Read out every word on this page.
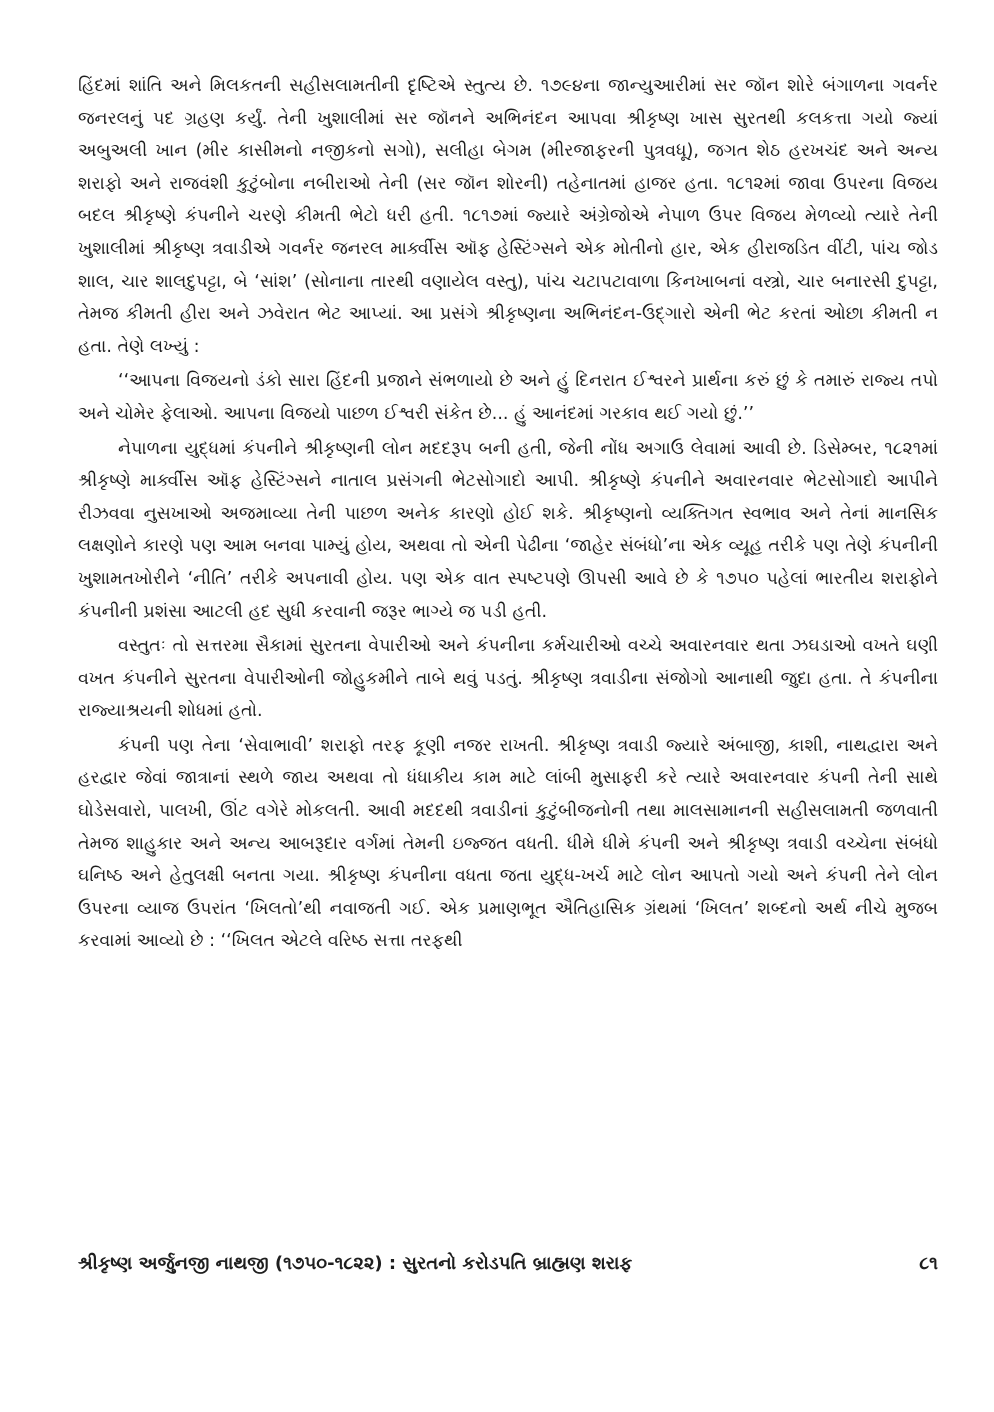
હિંદમાં શાંતિ અને મિલકતની સહીસલામતીની દૃષ્ટિએ સ્તુત્ય છે. ૧૭૯૪ના જાન્યુઆરીમાં સર જૉન શોરે બંગાળના ગવર્નર જનરલનું પદ ગ્રહણ કર્યું. તેની ખુશાલીમાં સર જૉનને અભિનંદન આપવા શ્રીકૃષ્ણ ખાસ સુરતથી કલકત્તા ગયો જ્યાં અબુઅલી ખાન (મીર કાસીમનો નજીકનો સગો), સલીહા બેગમ (મીરજાફરની પુત્રવધૂ), જગત શેઠ હરખચંદ અને અન્ય શરાફો અને રાજવંશી કુટુંબોના નબીરાઓ તેની (સર જૉન શોરની) તહેનાતમાં હાજર હતા. ૧૮૧૨માં જાવા ઉપરના વિજય બદલ શ્રીકૃષ્ણે કંપનીને ચરણે કીમતી ભેટો ધરી હતી. ૧૮૧૭માં જ્યારે અંગ્રેજોએ નેપાળ ઉપર વિજય મેળવ્યો ત્યારે તેની ખુશાલીમાં શ્રીકૃષ્ણ ત્રવાડીએ ગવર્નર જનરલ માર્ક્વીસ ઑફ હેસ્ટિંગ્સને એક મોતીનો હાર, એક હીરાજડિત વીંટી, પાંચ જોડ શાલ, ચાર શાલદુપટ્ટા, બે ‘સાંશ’ (સોનાના તારથી વણાયેલ વસ્તુ), પાંચ ચટાપટાવાળા કિનખાબનાં વસ્ત્રો, ચાર બનારસી દુપટ્ટા, તેમજ કીમતી હીરા અને ઝવેરાત ભેટ આપ્યાં. આ પ્રસંગે શ્રીકૃષ્ણના અભિનંદન-ઉદ્ગારો એની ભેટ કરતાં ઓછા કીમતી ન હતા. તેણે લખ્યું :

‘‘આપના વિજયનો ડંકો સારા હિંદની પ્રજાને સંભળાયો છે અને હું દિનરાત ઈશ્વરને પ્રાર્થના કરું છું કે તમારું રાજ્ય તપો અને ચોમેર ફેલાઓ. આપના વિજયો પાછળ ઈશ્વરી સંકેત છે... હું આનંદમાં ગરકાવ થઈ ગયો છું.’’

નેપાળના યુદ્ધમાં કંપનીને શ્રીકૃષ્ણની લોન મદદરૂપ બની હતી, જેની નોંધ અગાઉ લેવામાં આવી છે. ડિસેમ્બર, ૧૮૨૧માં શ્રીકૃષ્ણે માર્ક્વીસ ઑફ હેસ્ટિંગ્સને નાતાલ પ્રસંગની ભેટસોગાદો આપી. શ્રીકૃષ્ણે કંપનીને અવારનવાર ભેટસોગાદો આપીને રીઝવવા નુસખાઓ અજમાવ્યા તેની પાછળ અનેક કારણો હોઈ શકે. શ્રીકૃષ્ણનો વ્યક્તિગત સ્વભાવ અને તેનાં માનસિક લક્ષણોને કારણે પણ આમ બનવા પામ્યું હોય, અથવા તો એની પેઢીના ‘જાહેર સંબંધો’ના એક વ્યૂહ તરીકે પણ તેણે કંપનીની ખુશામતખોરીને ‘નીતિ’ તરીકે અપનાવી હોય. પણ એક વાત સ્પષ્ટપણે ઊપસી આવે છે કે ૧૭૫૦ પહેલાં ભારતીય શરાફોને કંપનીની પ્રશંસા આટલી હદ સુધી કરવાની જરૂર ભાગ્યે જ પડી હતી.

વસ્તુતઃ તો સત્તરમા સૈકામાં સુરતના વેપારીઓ અને કંપનીના કર્મચારીઓ વચ્ચે અવારનવાર થતા ઝઘડાઓ વખતે ઘણી વખત કંપનીને સુરતના વેપારીઓની જોહુકમીને તાબે થવું પડતું. શ્રીકૃષ્ણ ત્રવાડીના સંજોગો આનાથી જુદા હતા. તે કંપનીના રાજ્યાશ્રયની શોધમાં હતો.

કંપની પણ તેના ‘સેવાભાવી’ શરાફો તરફ કૂણી નજર રાખતી. શ્રીકૃષ્ણ ત્રવાડી જ્યારે અંબાજી, કાશી, નાથદ્વારા અને હરદ્વાર જેવાં જાત્રાનાં સ્થળે જાય અથવા તો ધંધાકીય કામ માટે લાંબી મુસાફરી કરે ત્યારે અવારનવાર કંપની તેની સાથે ઘોડેસવારો, પાલખી, ઊંટ વગેરે મોકલતી. આવી મદદથી ત્રવાડીનાં કુટુંબીજનોની તથા માલસામાનની સહીસલામતી જળવાતી તેમજ શાહુકાર અને અન્ય આબરૂદાર વર્ગમાં તેમની ઇજ્જત વધતી. ધીમે ધીમે કંપની અને શ્રીકૃષ્ણ ત્રવાડી વચ્ચેના સંબંધો ઘનિષ્ઠ અને હેતુલક્ષી બનતા ગયા. શ્રીકૃષ્ણ કંપનીના વધતા જતા યુદ્ધ-ખર્ચ માટે લોન આપતો ગયો અને કંપની તેને લોન ઉપરના વ્યાજ ઉપરાંત ‘ખિલતો’થી નવાજતી ગઈ. એક પ્રમાણભૂત ઐતિહાસિક ગ્રંથમાં ‘ખિલત’ શબ્દનો અર્થ નીચે મુજબ કરવામાં આવ્યો છે : ‘‘ખિલત એટલે વરિષ્ઠ સત્તા તરફથી

શ્રીકૃષ્ણ અર્જુનજી નાથજી (૧૭૫૦-૧૮૨૨) : સુરતનો કરોડપતિ બ્રાહ્મણ શરાફ	૮૧
